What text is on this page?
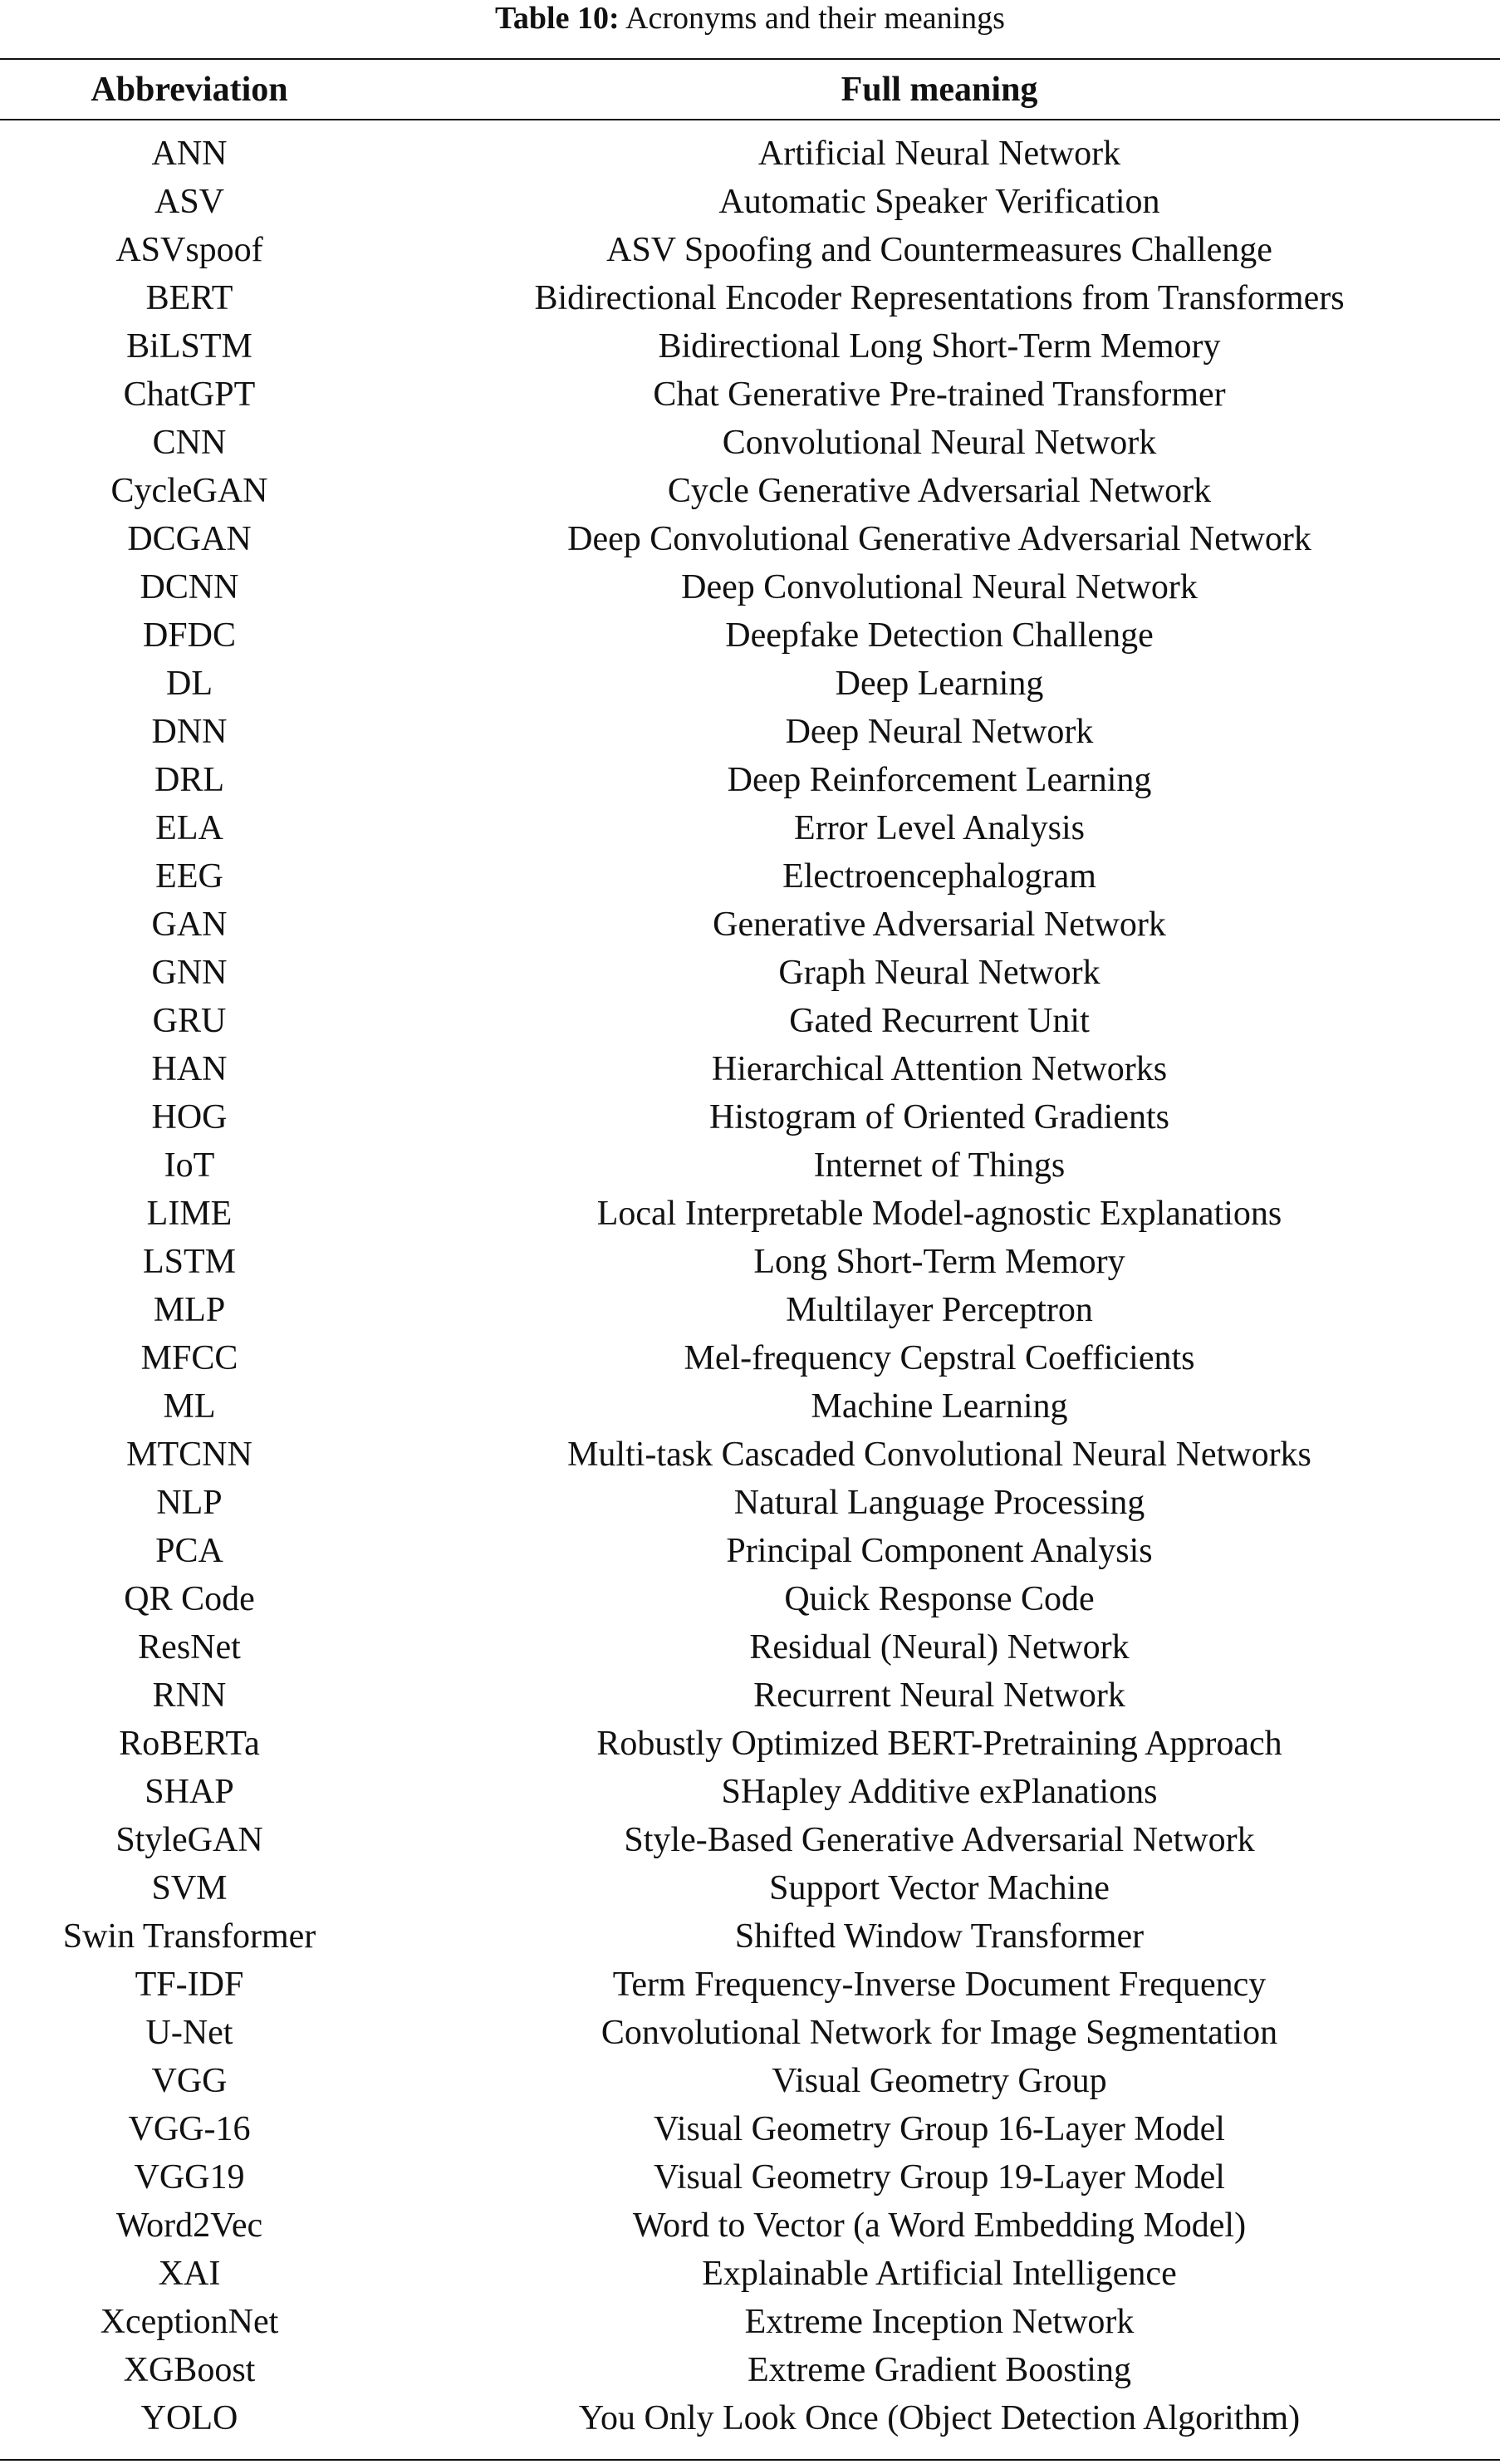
Table 10: Acronyms and their meanings
Abbreviation	Full meaning
ANN	Artificial Neural Network
ASV	Automatic Speaker Verification
ASVspoof	ASV Spoofing and Countermeasures Challenge
BERT	Bidirectional Encoder Representations from Transformers
BiLSTM	Bidirectional Long Short-Term Memory
ChatGPT	Chat Generative Pre-trained Transformer
CNN	Convolutional Neural Network
CycleGAN	Cycle Generative Adversarial Network
DCGAN	Deep Convolutional Generative Adversarial Network
DCNN	Deep Convolutional Neural Network
DFDC	Deepfake Detection Challenge
DL	Deep Learning
DNN	Deep Neural Network
DRL	Deep Reinforcement Learning
ELA	Error Level Analysis
EEG	Electroencephalogram
GAN	Generative Adversarial Network
GNN	Graph Neural Network
GRU	Gated Recurrent Unit
HAN	Hierarchical Attention Networks
HOG	Histogram of Oriented Gradients
IoT	Internet of Things
LIME	Local Interpretable Model-agnostic Explanations
LSTM	Long Short-Term Memory
MLP	Multilayer Perceptron
MFCC	Mel-frequency Cepstral Coefficients
ML	Machine Learning
MTCNN	Multi-task Cascaded Convolutional Neural Networks
NLP	Natural Language Processing
PCA	Principal Component Analysis
QR Code	Quick Response Code
ResNet	Residual (Neural) Network
RNN	Recurrent Neural Network
RoBERTa	Robustly Optimized BERT-Pretraining Approach
SHAP	SHapley Additive exPlanations
StyleGAN	Style-Based Generative Adversarial Network
SVM	Support Vector Machine
Swin Transformer	Shifted Window Transformer
TF-IDF	Term Frequency-Inverse Document Frequency
U-Net	Convolutional Network for Image Segmentation
VGG	Visual Geometry Group
VGG-16	Visual Geometry Group 16-Layer Model
VGG19	Visual Geometry Group 19-Layer Model
Word2Vec	Word to Vector (a Word Embedding Model)
XAI	Explainable Artificial Intelligence
XceptionNet	Extreme Inception Network
XGBoost	Extreme Gradient Boosting
YOLO	You Only Look Once (Object Detection Algorithm)
